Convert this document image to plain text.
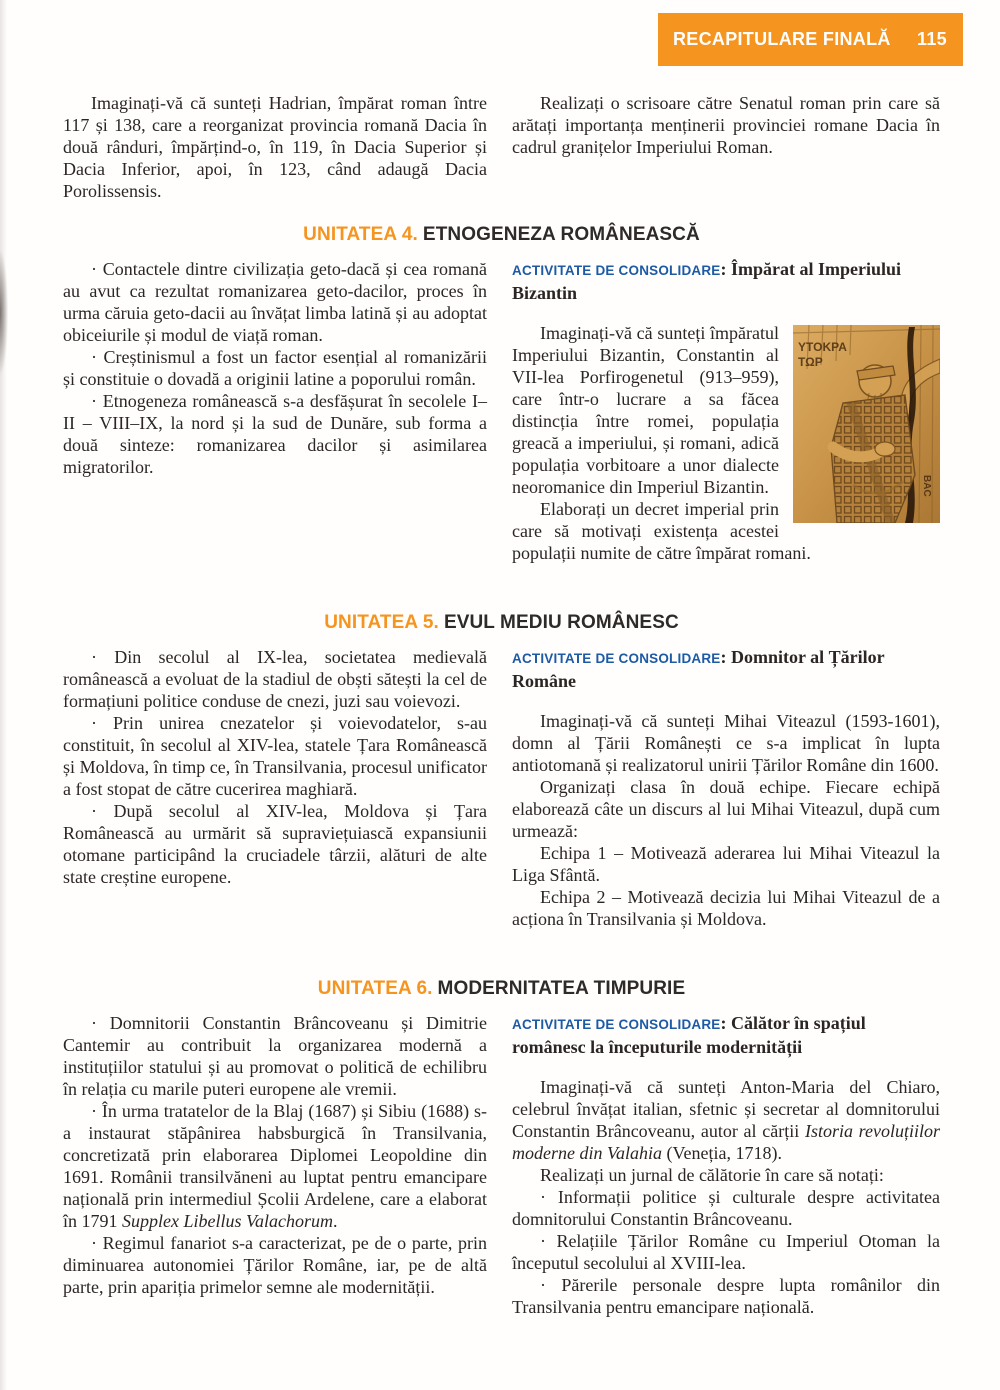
RECAPITULARE FINALĂ 115

Imaginați-vă că sunteți Hadrian, împărat roman între 117 și 138, care a reorganizat provincia romană Dacia în două rânduri, împărțind-o, în 119, în Dacia Superior și Dacia Inferior, apoi, în 123, când adaugă Dacia Porolissensis.

Realizați o scrisoare către Senatul roman prin care să arătați importanța menținerii provinciei romane Dacia în cadrul granițelor Imperiului Roman.

UNITATEA 4. ETNOGENEZA ROMÂNEASCĂ

· Contactele dintre civilizația geto-dacă și cea romană au avut ca rezultat romanizarea geto-dacilor, proces în urma căruia geto-dacii au învățat limba latină și au adoptat obiceiurile și modul de viață roman.

· Creștinismul a fost un factor esențial al romanizării și constituie o dovadă a originii latine a poporului român.

· Etnogeneza românească s-a desfășurat în secolele I–II – VIII–IX, la nord și la sud de Dunăre, sub forma a două sinteze: romanizarea dacilor și asimilarea migratorilor.

ACTIVITATE DE CONSOLIDARE: Împărat al Imperiului Bizantin

ΥΤΟΚΡΑ
ΤΩΡ
ΒΑϹ

Imaginați-vă că sunteți împăratul Imperiului Bizantin, Constantin al VII-lea Porfirogenetul (913–959), care într-o lucrare a sa făcea distincția între romei, populația greacă a imperiului, și romani, adică populația vorbitoare a unor dialecte neoromanice din Imperiul Bizantin.

Elaborați un decret imperial prin care să motivați existența acestei populații numite de către împărat romani.

UNITATEA 5. EVUL MEDIU ROMÂNESC

· Din secolul al IX-lea, societatea medievală românească a evoluat de la stadiul de obști sătești la cel de formațiuni politice conduse de cnezi, juzi sau voievozi.

· Prin unirea cnezatelor și voievodatelor, s-au constituit, în secolul al XIV-lea, statele Țara Românească și Moldova, în timp ce, în Transilvania, procesul unificator a fost stopat de către cucerirea maghiară.

· După secolul al XIV-lea, Moldova și Țara Românească au urmărit să supraviețuiască expansiunii otomane participând la cruciadele târzii, alături de alte state creștine europene.

ACTIVITATE DE CONSOLIDARE: Domnitor al Țărilor Române

Imaginați-vă că sunteți Mihai Viteazul (1593-1601), domn al Țării Românești ce s-a implicat în lupta antiotomană și realizatorul unirii Țărilor Române din 1600.

Organizați clasa în două echipe. Fiecare echipă elaborează câte un discurs al lui Mihai Viteazul, după cum urmează:

Echipa 1 – Motivează aderarea lui Mihai Viteazul la Liga Sfântă.

Echipa 2 – Motivează decizia lui Mihai Viteazul de a acționa în Transilvania și Moldova.

UNITATEA 6. MODERNITATEA TIMPURIE

· Domnitorii Constantin Brâncoveanu și Dimitrie Cantemir au contribuit la organizarea modernă a instituțiilor statului și au promovat o politică de echilibru în relația cu marile puteri europene ale vremii.

· În urma tratatelor de la Blaj (1687) și Sibiu (1688) s-a instaurat stăpânirea habsburgică în Transilvania, concretizată prin elaborarea Diplomei Leopoldine din 1691. Românii transilvăneni au luptat pentru emancipare națională prin intermediul Școlii Ardelene, care a elaborat în 1791 Supplex Libellus Valachorum.

· Regimul fanariot s-a caracterizat, pe de o parte, prin diminuarea autonomiei Țărilor Române, iar, pe de altă parte, prin apariția primelor semne ale modernității.

ACTIVITATE DE CONSOLIDARE: Călător în spațiul românesc la începuturile modernității

Imaginați-vă că sunteți Anton-Maria del Chiaro, celebrul învățat italian, sfetnic și secretar al domnitorului Constantin Brâncoveanu, autor al cărții Istoria revoluțiilor moderne din Valahia (Veneția, 1718).

Realizați un jurnal de călătorie în care să notați:

· Informații politice și culturale despre activitatea domnitorului Constantin Brâncoveanu.

· Relațiile Țărilor Române cu Imperiul Otoman la începutul secolului al XVIII-lea.

· Părerile personale despre lupta românilor din Transilvania pentru emancipare națională.
